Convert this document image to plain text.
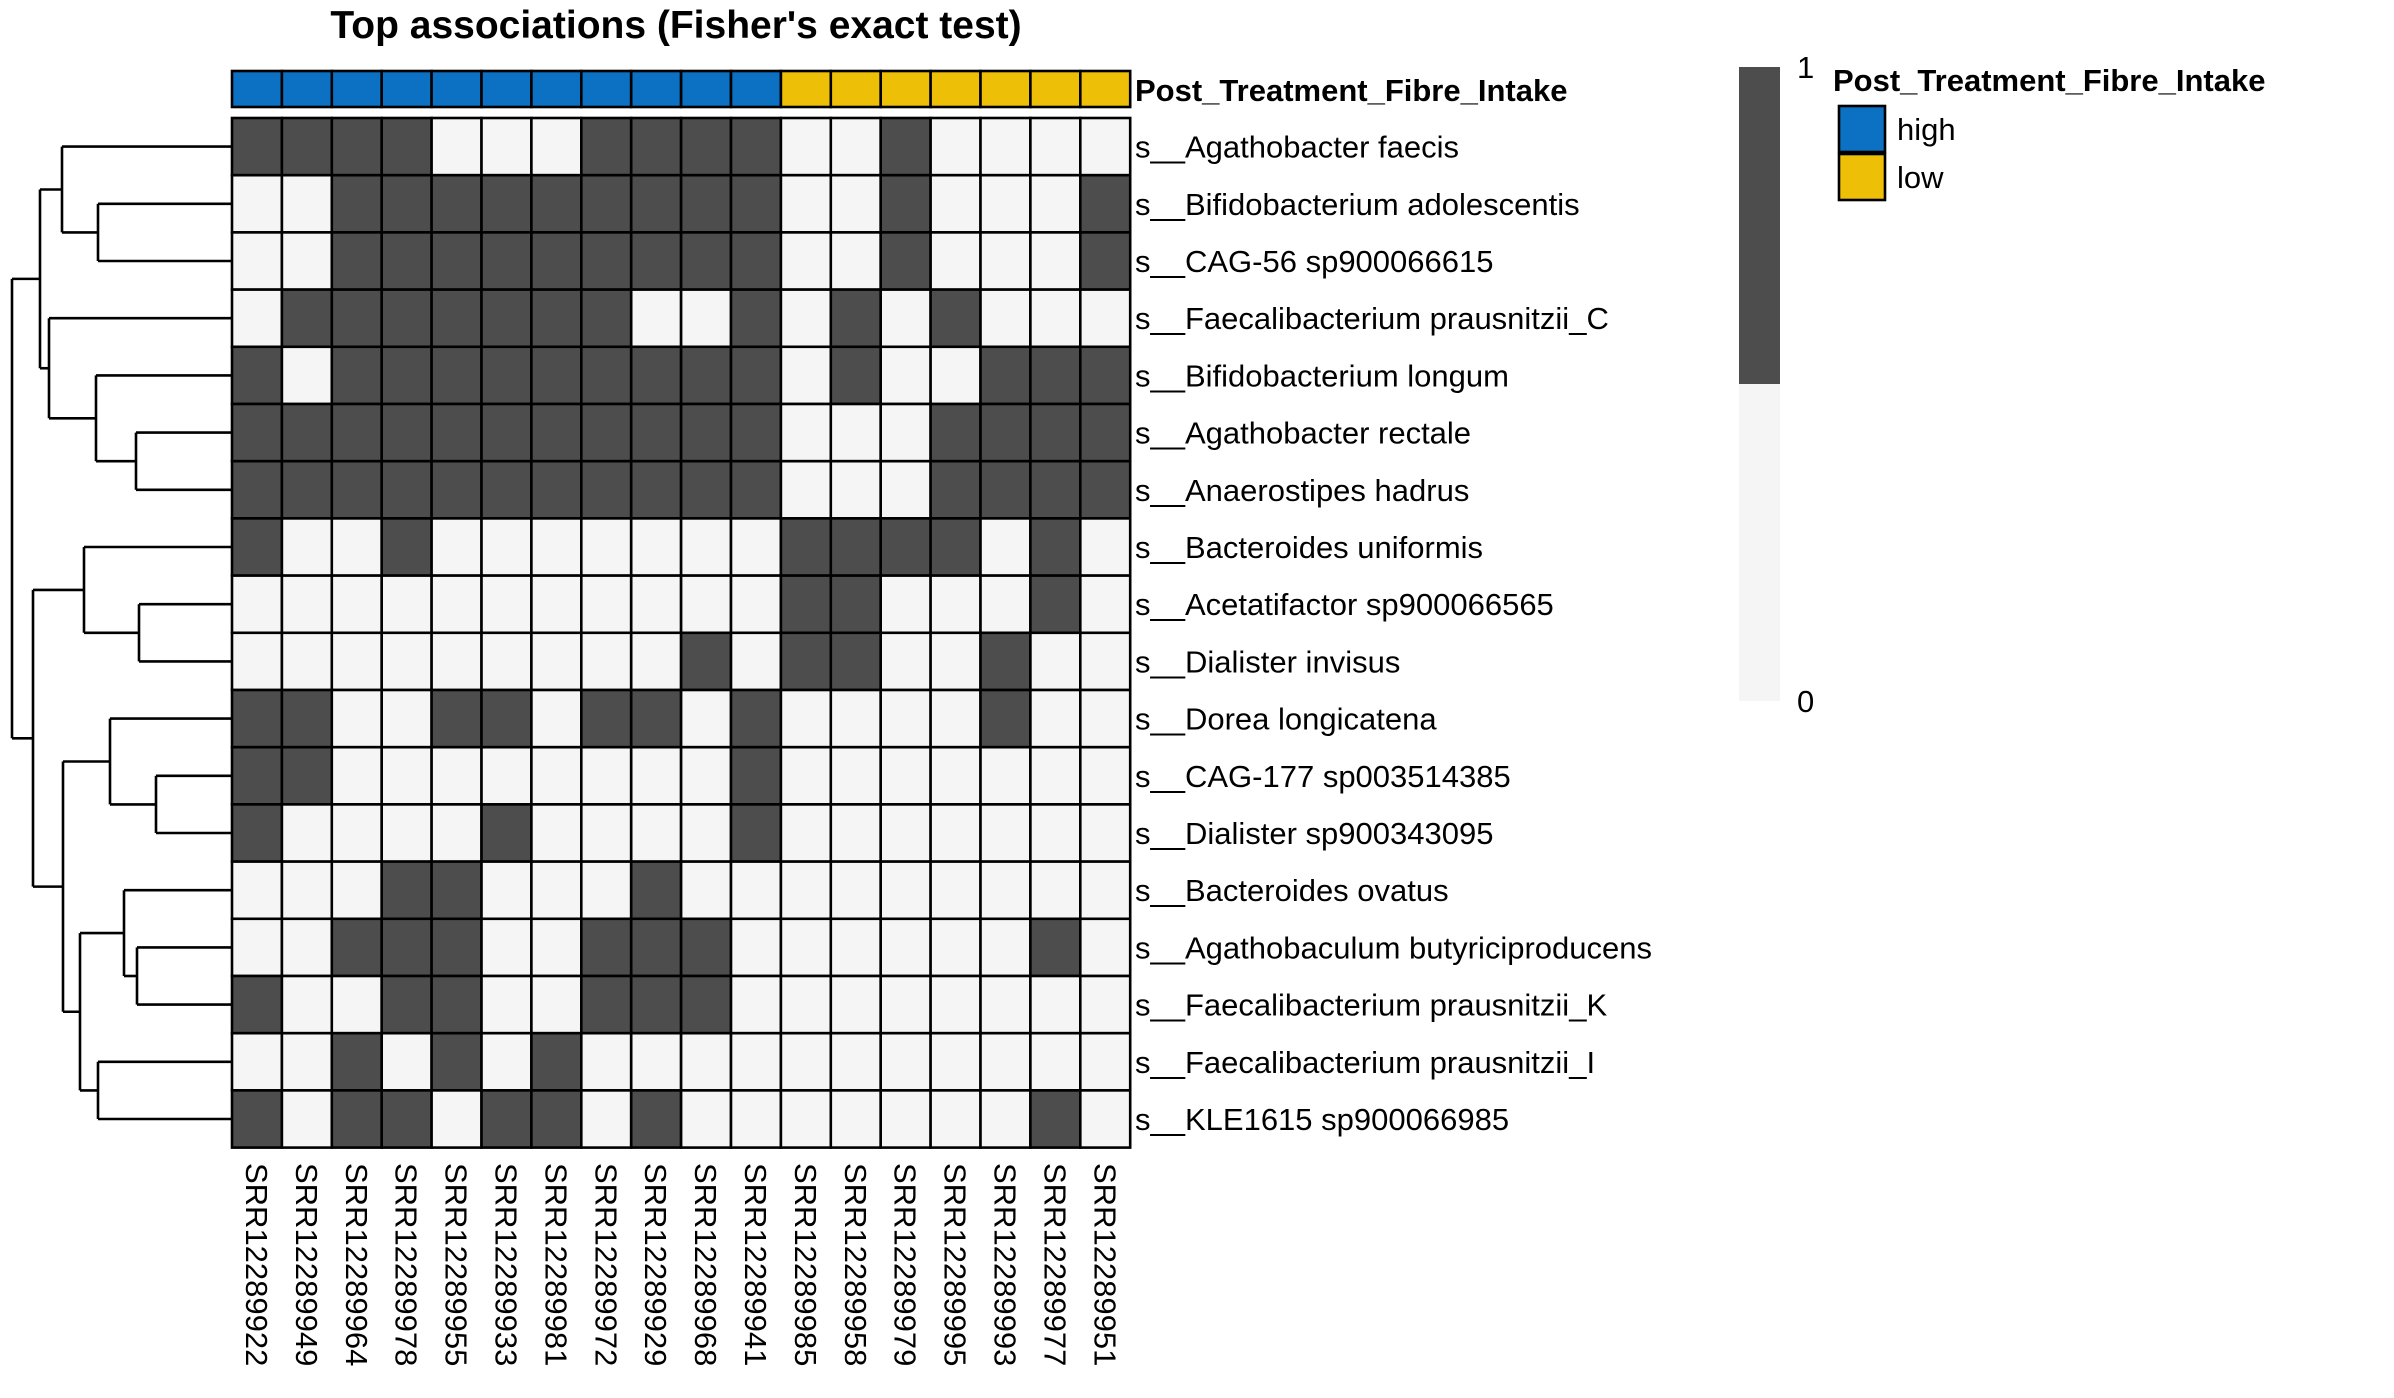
Top associations (Fisher's exact test)
Post_Treatment_Fibre_Intake
s__Agathobacter faecis
s__Bifidobacterium adolescentis
s__CAG-56 sp900066615
s__Faecalibacterium prausnitzii_C
s__Bifidobacterium longum
s__Agathobacter rectale
s__Anaerostipes hadrus
s__Bacteroides uniformis
s__Acetatifactor sp900066565
s__Dialister invisus
s__Dorea longicatena
s__CAG-177 sp003514385
s__Dialister sp900343095
s__Bacteroides ovatus
s__Agathobaculum butyriciproducens
s__Faecalibacterium prausnitzii_K
s__Faecalibacterium prausnitzii_I
s__KLE1615 sp900066985
SRR12289922 SRR12289949 SRR12289964 SRR12289978 SRR12289955 SRR12289933 SRR12289981 SRR12289972 SRR12289929 SRR12289968 SRR12289941 SRR12289985 SRR12289958 SRR12289979 SRR12289995 SRR12289993 SRR12289977 SRR12289951
1
0
Post_Treatment_Fibre_Intake
high
low
